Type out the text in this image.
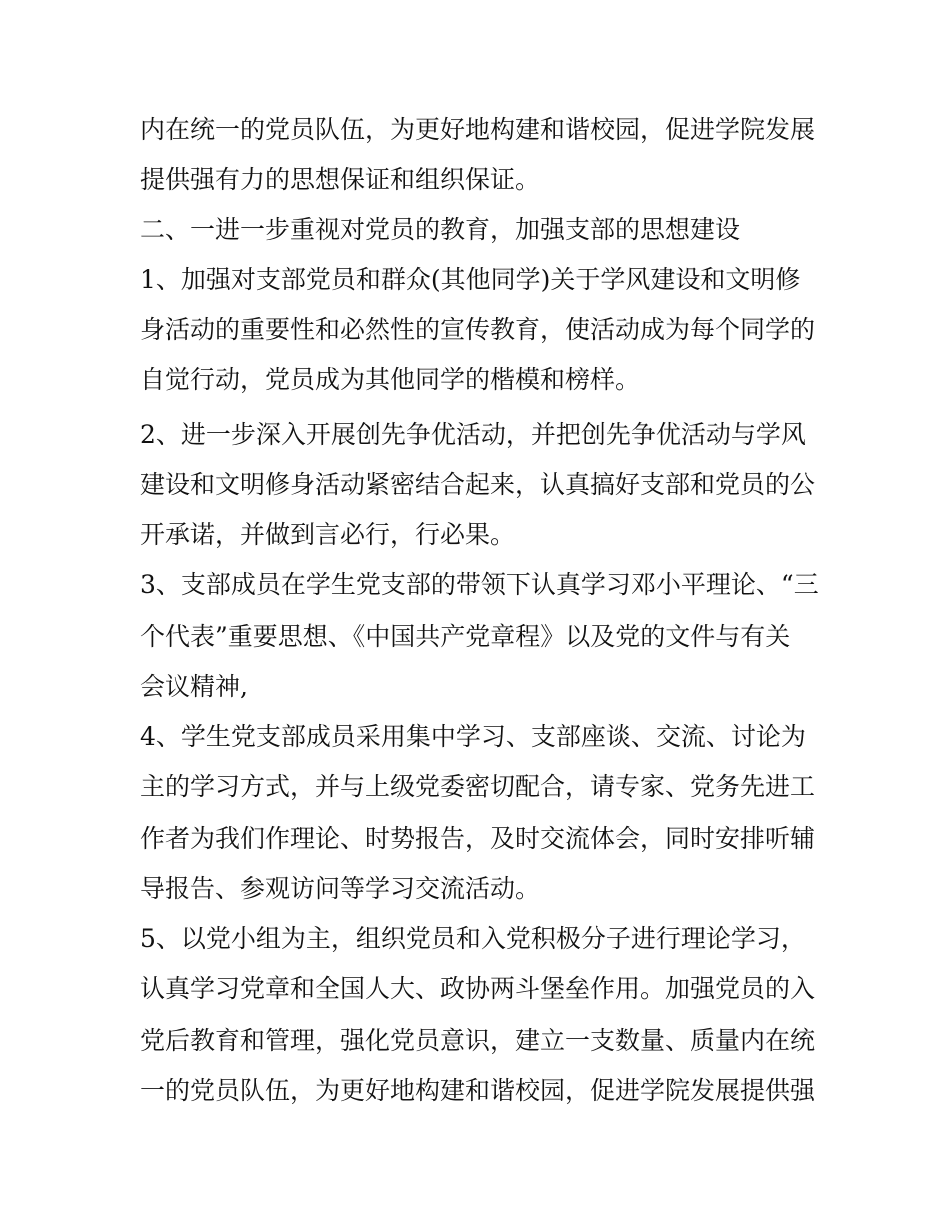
内在统一的党员队伍，为更好地构建和谐校园，促进学院发展
提供强有力的思想保证和组织保证。
二、一进一步重视对党员的教育，加强支部的思想建设
1、加强对支部党员和群众(其他同学)关于学风建设和文明修
身活动的重要性和必然性的宣传教育，使活动成为每个同学的
自觉行动，党员成为其他同学的楷模和榜样。
2、进一步深入开展创先争优活动，并把创先争优活动与学风
建设和文明修身活动紧密结合起来，认真搞好支部和党员的公
开承诺，并做到言必行，行必果。
3、支部成员在学生党支部的带领下认真学习邓小平理论、“三
个代表”重要思想、《中国共产党章程》以及党的文件与有关
会议精神,
4、学生党支部成员采用集中学习、支部座谈、交流、讨论为
主的学习方式，并与上级党委密切配合，请专家、党务先进工
作者为我们作理论、时势报告，及时交流体会，同时安排听辅
导报告、参观访问等学习交流活动。
5、以党小组为主，组织党员和入党积极分子进行理论学习，
认真学习党章和全国人大、政协两斗堡垒作用。加强党员的入
党后教育和管理，强化党员意识，建立一支数量、质量内在统
一的党员队伍，为更好地构建和谐校园，促进学院发展提供强
